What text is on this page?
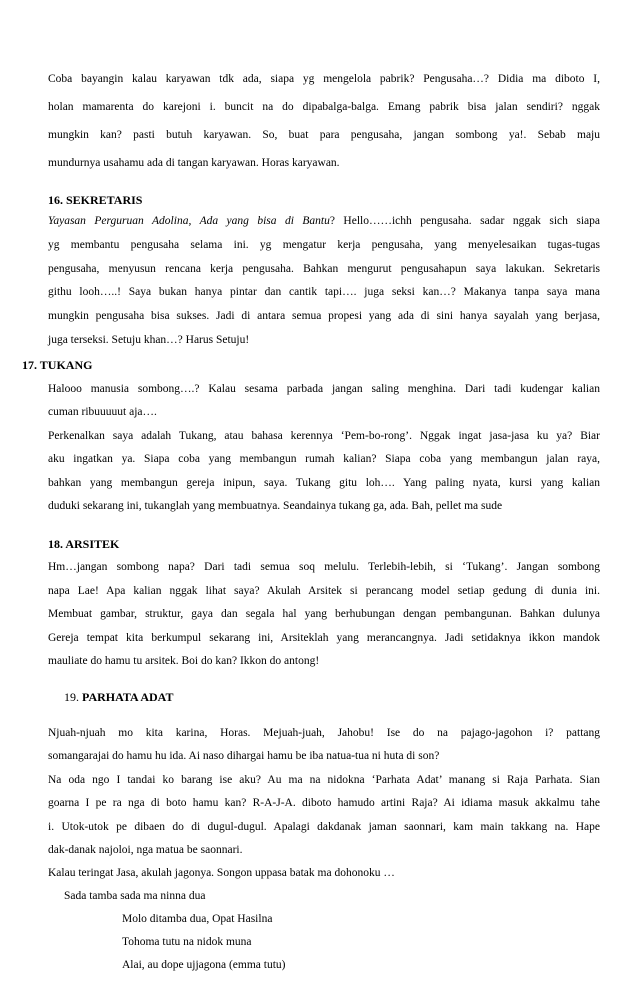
Coba bayangin kalau karyawan tdk ada, siapa yg mengelola pabrik? Pengusaha…? Didia ma diboto I,
holan mamarenta do karejoni i. buncit na do dipabalga-balga. Emang pabrik bisa jalan sendiri? nggak
mungkin kan? pasti butuh karyawan. So, buat para pengusaha, jangan sombong ya!. Sebab maju
mundurnya usahamu ada di tangan karyawan. Horas karyawan.
16. SEKRETARIS
Yayasan Perguruan Adolina, Ada yang bisa di Bantu? Hello……ichh pengusaha. sadar nggak sich siapa
yg membantu pengusaha selama ini. yg mengatur kerja pengusaha, yang menyelesaikan tugas-tugas
pengusaha, menyusun rencana kerja pengusaha. Bahkan mengurut pengusahapun saya lakukan. Sekretaris
githu looh…..! Saya bukan hanya pintar dan cantik tapi…. juga seksi kan…? Makanya tanpa saya mana
mungkin pengusaha bisa sukses. Jadi di antara semua propesi yang ada di sini hanya sayalah yang berjasa,
juga terseksi. Setuju khan…? Harus Setuju!
17. TUKANG
Halooo manusia sombong….? Kalau sesama parbada jangan saling menghina. Dari tadi kudengar kalian
cuman ribuuuuut aja….
Perkenalkan saya adalah Tukang, atau bahasa kerennya ‘Pem-bo-rong’. Nggak ingat jasa-jasa ku ya? Biar
aku ingatkan ya. Siapa coba yang membangun rumah kalian? Siapa coba yang membangun jalan raya,
bahkan yang membangun gereja inipun, saya. Tukang gitu loh…. Yang paling nyata, kursi yang kalian
duduki sekarang ini, tukanglah yang membuatnya. Seandainya tukang ga, ada. Bah, pellet ma sude
18. ARSITEK
Hm…jangan sombong napa? Dari tadi semua soq melulu. Terlebih-lebih, si ‘Tukang’. Jangan sombong
napa Lae! Apa kalian nggak lihat saya? Akulah Arsitek si perancang model setiap gedung di dunia ini.
Membuat gambar, struktur, gaya dan segala hal yang berhubungan dengan pembangunan. Bahkan dulunya
Gereja tempat kita berkumpul sekarang ini, Arsiteklah yang merancangnya. Jadi setidaknya ikkon mandok
mauliate do hamu tu arsitek. Boi do kan? Ikkon do antong!
19. PARHATA ADAT
Njuah-njuah mo kita karina, Horas. Mejuah-juah, Jahobu! Ise do na pajago-jagohon i? pattang
somangarajai do hamu hu ida. Ai naso dihargai hamu be iba natua-tua ni huta di son?
Na oda ngo I tandai ko barang ise aku? Au ma na nidokna ‘Parhata Adat’ manang si Raja Parhata. Sian
goarna I pe ra nga di boto hamu kan? R-A-J-A. diboto hamudo artini Raja? Ai idiama masuk akkalmu tahe
i. Utok-utok pe dibaen do di dugul-dugul. Apalagi dakdanak jaman saonnari, kam main takkang na. Hape
dak-danak najoloi, nga matua be saonnari.
Kalau teringat Jasa, akulah jagonya. Songon uppasa batak ma dohonoku …
Sada tamba sada ma ninna dua
Molo ditamba dua, Opat Hasilna
Tohoma tutu na nidok muna
Alai, au dope ujjagona (emma tutu)
